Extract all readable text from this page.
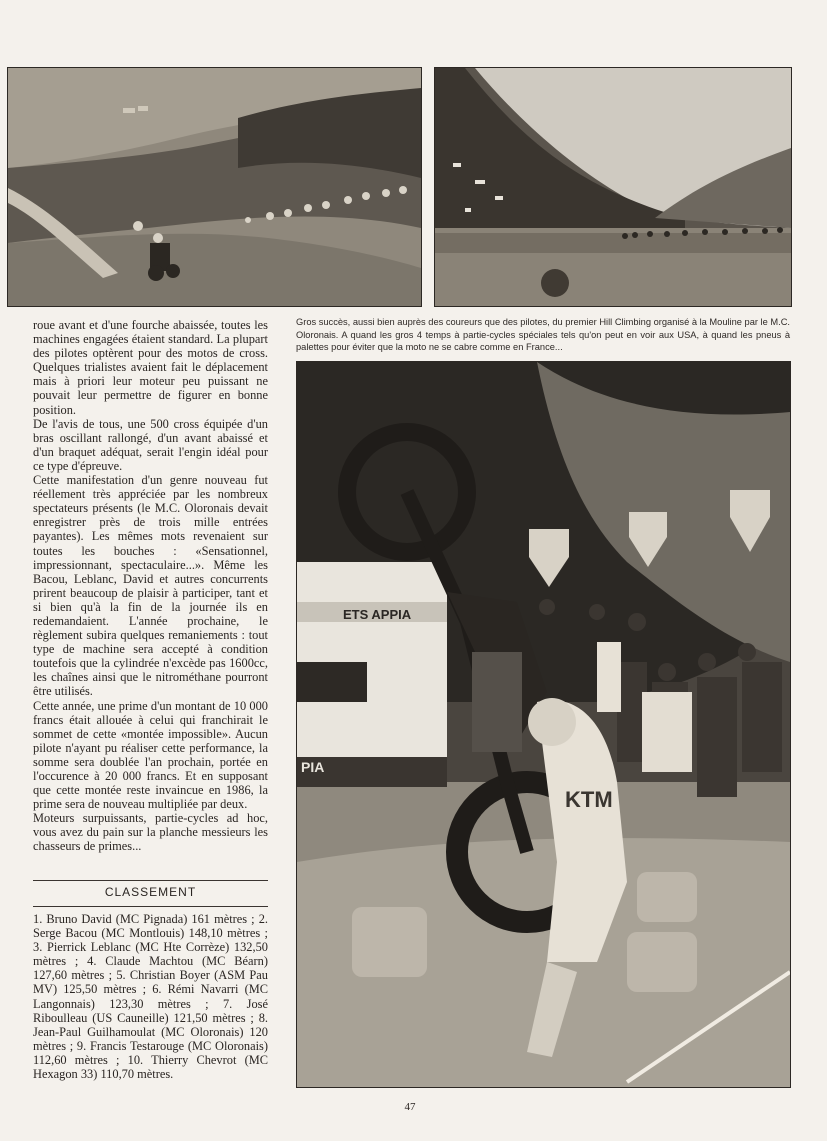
ETS APPIA
PIA
KTM
Gros succès, aussi bien auprès des coureurs que des pilotes, du premier Hill Climbing organisé à la Mouline par le M.C. Oloronais. A quand les gros 4 temps à partie-cycles spéciales tels qu'on peut en voir aux USA, à quand les pneus à palettes pour éviter que la moto ne se cabre comme en France...

roue avant et d'une fourche abaissée, toutes les machines engagées étaient standard. La plupart des pilotes optèrent pour des motos de cross. Quelques trialistes avaient fait le déplacement mais à priori leur moteur peu puissant ne pouvait leur permettre de figurer en bonne position.

De l'avis de tous, une 500 cross équipée d'un bras oscillant rallongé, d'un avant abaissé et d'un braquet adéquat, serait l'engin idéal pour ce type d'épreuve.

Cette manifestation d'un genre nouveau fut réellement très appréciée par les nombreux spectateurs présents (le M.C. Oloronais devait enregistrer près de trois mille entrées payantes). Les mêmes mots revenaient sur toutes les bouches : «Sensationnel, impressionnant, spectaculaire...». Même les Bacou, Leblanc, David et autres concurrents prirent beaucoup de plaisir à participer, tant et si bien qu'à la fin de la journée ils en redemandaient. L'année prochaine, le règlement subira quelques remaniements : tout type de machine sera accepté à condition toutefois que la cylindrée n'excède pas 1600cc, les chaînes ainsi que le nitrométhane pourront être utilisés.

Cette année, une prime d'un montant de 10 000 francs était allouée à celui qui franchirait le sommet de cette «montée impossible». Aucun pilote n'ayant pu réaliser cette performance, la somme sera doublée l'an prochain, portée en l'occurence à 20 000 francs. Et en supposant que cette montée reste invaincue en 1986, la prime sera de nouveau multipliée par deux.

Moteurs surpuissants, partie-cycles ad hoc, vous avez du pain sur la planche messieurs les chasseurs de primes...

CLASSEMENT
1. Bruno David (MC Pignada) 161 mètres ; 2. Serge Bacou (MC Montlouis) 148,10 mètres ; 3. Pierrick Leblanc (MC Hte Corrèze) 132,50 mètres ; 4. Claude Machtou (MC Béarn) 127,60 mètres ; 5. Christian Boyer (ASM Pau MV) 125,50 mètres ; 6. Rémi Navarri (MC Langonnais) 123,30 mètres ; 7. José Riboulleau (US Cauneille) 121,50 mètres ; 8. Jean-Paul Guilhamoulat (MC Oloronais) 120 mètres ; 9. Francis Testarouge (MC Oloronais) 112,60 mètres ; 10. Thierry Chevrot (MC Hexagon 33) 110,70 mètres.
47
